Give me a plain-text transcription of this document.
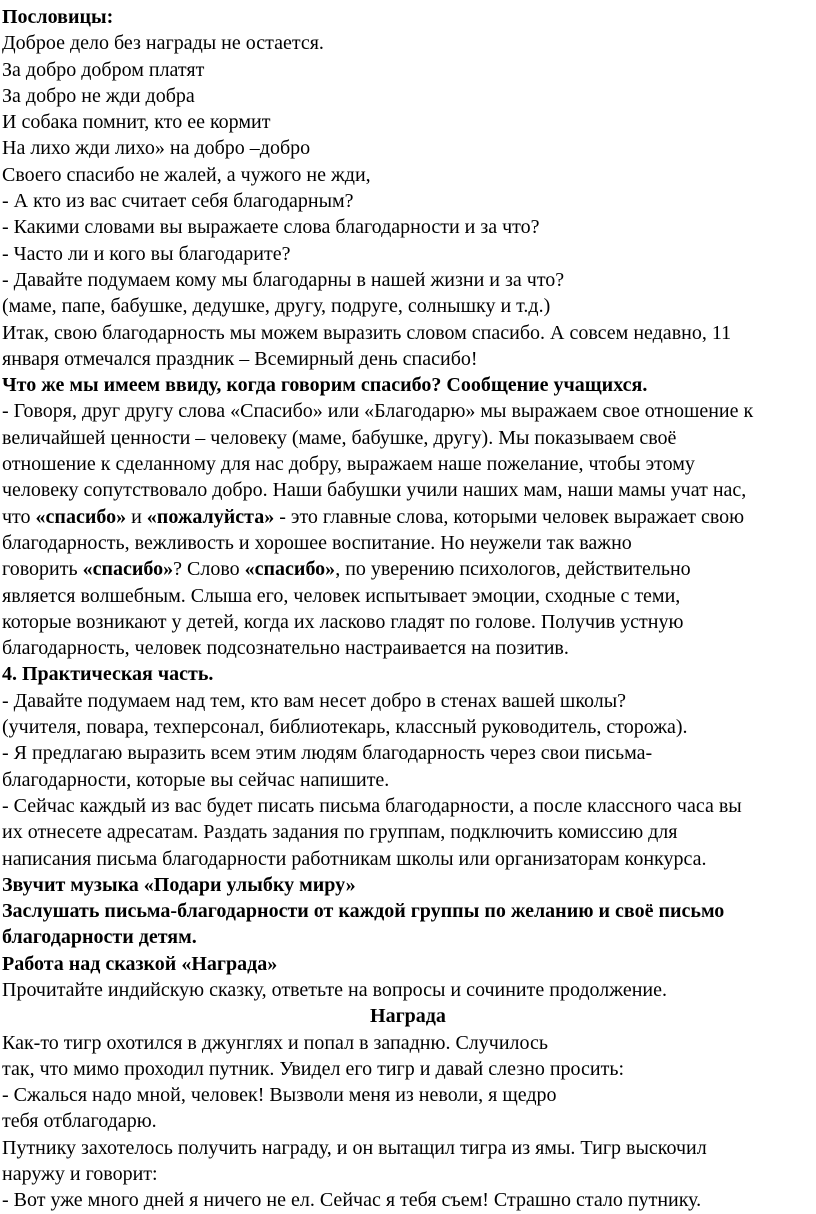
Пословицы:
Доброе дело без награды не остается.
За добро добром платят
За добро не жди добра
И собака помнит, кто ее кормит
На лихо жди лихо» на добро –добро
Своего спасибо не жалей, а чужого не жди,
- А кто из вас считает себя благодарным?
- Какими словами вы выражаете слова благодарности и за что?
- Часто ли и кого вы благодарите?
- Давайте подумаем кому мы благодарны в нашей жизни и за что?
(маме, папе, бабушке, дедушке, другу, подруге, солнышку и т.д.)
Итак, свою благодарность мы можем выразить словом спасибо. А совсем недавно, 11
января отмечался праздник – Всемирный день спасибо!
Что же мы имеем ввиду, когда говорим спасибо? Сообщение учащихся.
- Говоря, друг другу слова «Спасибо» или «Благодарю» мы выражаем свое отношение к
величайшей ценности – человеку (маме, бабушке, другу). Мы показываем своё
отношение к сделанному для нас добру, выражаем наше пожелание, чтобы этому
человеку сопутствовало добро. Наши бабушки учили наших мам, наши мамы учат нас,
что «спасибо» и «пожалуйста» - это главные слова, которыми человек выражает свою
благодарность, вежливость и хорошее воспитание. Но неужели так важно
говорить «спасибо»? Слово «спасибо», по уверению психологов, действительно
является волшебным. Слыша его, человек испытывает эмоции, сходные с теми,
которые возникают у детей, когда их ласково гладят по голове. Получив устную
благодарность, человек подсознательно настраивается на позитив.
4. Практическая часть.
- Давайте подумаем над тем, кто вам несет добро в стенах вашей школы?
(учителя, повара, техперсонал, библиотекарь, классный руководитель, сторожа).
- Я предлагаю выразить всем этим людям благодарность через свои письма-
благодарности, которые вы сейчас напишите.
- Сейчас каждый из вас будет писать письма благодарности, а после классного часа вы
их отнесете адресатам. Раздать задания по группам, подключить комиссию для
написания письма благодарности работникам школы или организаторам конкурса.
Звучит музыка «Подари улыбку миру»
Заслушать письма-благодарности от каждой группы по желанию и своё письмо
благодарности детям.
Работа над сказкой «Награда»
Прочитайте индийскую сказку, ответьте на вопросы и сочините продолжение.
Награда
Как-то тигр охотился в джунглях и попал в западню. Случилось
так, что мимо проходил путник. Увидел его тигр и давай слезно просить:
- Сжалься надо мной, человек! Вызволи меня из неволи, я щедро
тебя отблагодарю.
Путнику захотелось получить награду, и он вытащил тигра из ямы. Тигр выскочил
наружу и говорит:
- Вот уже много дней я ничего не ел. Сейчас я тебя съем! Страшно стало путнику.
